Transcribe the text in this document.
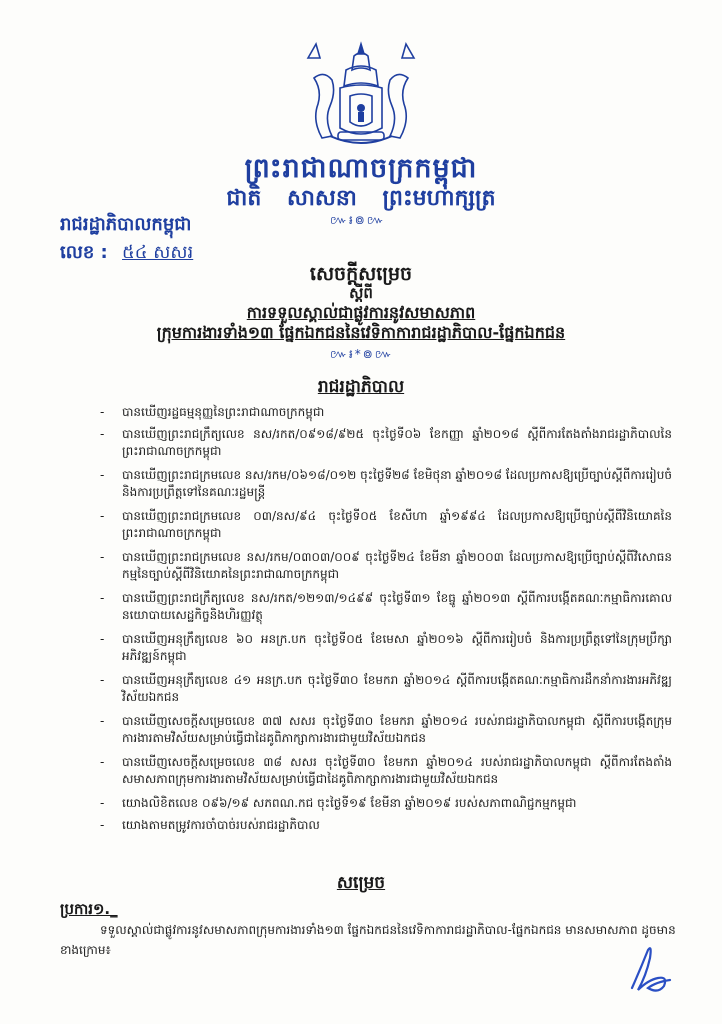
ព្រះរាជាណាចក្រកម្ពុជា
ជាតិ សាសនា ព្រះមហាក្សត្រ
៚៛៙៚
រាជរដ្ឋាភិបាលកម្ពុជា
លេខ : ៥៤ សសរ
សេចក្ដីសម្រេច
ស្ដីពី
ការទទួលស្គាល់ជាផ្លូវការនូវសមាសភាព
ក្រុមការងារទាំង១៣ ផ្នែកឯកជននៃវេទិកាការាជរដ្ឋាភិបាល-ផ្នែកឯកជន
៚៛*៙៚
រាជរដ្ឋាភិបាល
- បានឃើញរដ្ឋធម្មនុញ្ញនៃព្រះរាជាណាចក្រកម្ពុជា
- បានឃើញព្រះរាជក្រឹត្យលេខ នស/រកត/០៩១៨/៩២៥ ចុះថ្ងៃទី០៦ ខែកញ្ញា ឆ្នាំ២០១៨ ស្ដីពីការតែងតាំងរាជរដ្ឋាភិបាលនៃព្រះរាជាណាចក្រកម្ពុជា
- បានឃើញព្រះរាជក្រមលេខ នស/រកម/០៦១៨/០១២ ចុះថ្ងៃទី២៨ ខែមិថុនា ឆ្នាំ២០១៨ ដែលប្រកាសឱ្យប្រើច្បាប់ស្ដីពីការរៀបចំ និងការប្រព្រឹត្តទៅនៃគណៈរដ្ឋមន្ត្រី
- បានឃើញព្រះរាជក្រមលេខ ០៣/នស/៩៤ ចុះថ្ងៃទី០៥ ខែសីហា ឆ្នាំ១៩៩៤ ដែលប្រកាសឱ្យប្រើច្បាប់ស្ដីពីវិនិយោគនៃព្រះរាជាណាចក្រកម្ពុជា
- បានឃើញព្រះរាជក្រមលេខ នស/រកម/០៣០៣/០០៩ ចុះថ្ងៃទី២៤ ខែមីនា ឆ្នាំ២០០៣ ដែលប្រកាសឱ្យប្រើច្បាប់ស្ដីពីវិសោធនកម្មនៃច្បាប់ស្ដីពីវិនិយោគនៃព្រះរាជាណាចក្រកម្ពុជា
- បានឃើញព្រះរាជក្រឹត្យលេខ នស/រកត/១២១៣/១៤៩៩ ចុះថ្ងៃទី៣១ ខែធ្នូ ឆ្នាំ២០១៣ ស្ដីពីការបង្កើតគណៈកម្មាធិការគោលនយោបាយសេដ្ឋកិច្ចនិងហិរញ្ញវត្ថុ
- បានឃើញអនុក្រឹត្យលេខ ៦០ អនក្រ.បក ចុះថ្ងៃទី០៥ ខែមេសា ឆ្នាំ២០១៦ ស្ដីពីការរៀបចំ និងការប្រព្រឹត្តទៅនៃក្រុមប្រឹក្សាអភិវឌ្ឍន៍កម្ពុជា
- បានឃើញអនុក្រឹត្យលេខ ៤១ អនក្រ.បក ចុះថ្ងៃទី៣០ ខែមករា ឆ្នាំ២០១៤ ស្ដីពីការបង្កើតគណៈកម្មាធិការដឹកនាំការងារអភិវឌ្ឍវិស័យឯកជន
- បានឃើញសេចក្ដីសម្រេចលេខ ៣៧ សសរ ចុះថ្ងៃទី៣០ ខែមករា ឆ្នាំ២០១៤ របស់រាជរដ្ឋាភិបាលកម្ពុជា ស្ដីពីការបង្កើតក្រុមការងារតាមវិស័យសម្រាប់ធ្វើជាដៃគូពិភាក្សាការងារជាមួយវិស័យឯកជន
- បានឃើញសេចក្ដីសម្រេចលេខ ៣៨ សសរ ចុះថ្ងៃទី៣០ ខែមករា ឆ្នាំ២០១៤ របស់រាជរដ្ឋាភិបាលកម្ពុជា ស្ដីពីការតែងតាំងសមាសភាពក្រុមការងារតាមវិស័យសម្រាប់ធ្វើជាដៃគូពិភាក្សាការងារជាមួយវិស័យឯកជន
- យោងលិខិតលេខ ០៩៦/១៩ សភពណ.កជ ចុះថ្ងៃទី១៩ ខែមីនា ឆ្នាំ២០១៩ របស់សភាពាណិជ្ជកម្មកម្ពុជា
- យោងតាមតម្រូវការចាំបាច់របស់រាជរដ្ឋាភិបាល
សម្រេច
ប្រការ១._
ទទួលស្គាល់ជាផ្លូវការនូវសមាសភាពក្រុមការងារទាំង១៣ ផ្នែកឯកជននៃវេទិកាការាជរដ្ឋាភិបាល-ផ្នែកឯកជន មានសមាសភាព ដូចមានខាងក្រោម៖
